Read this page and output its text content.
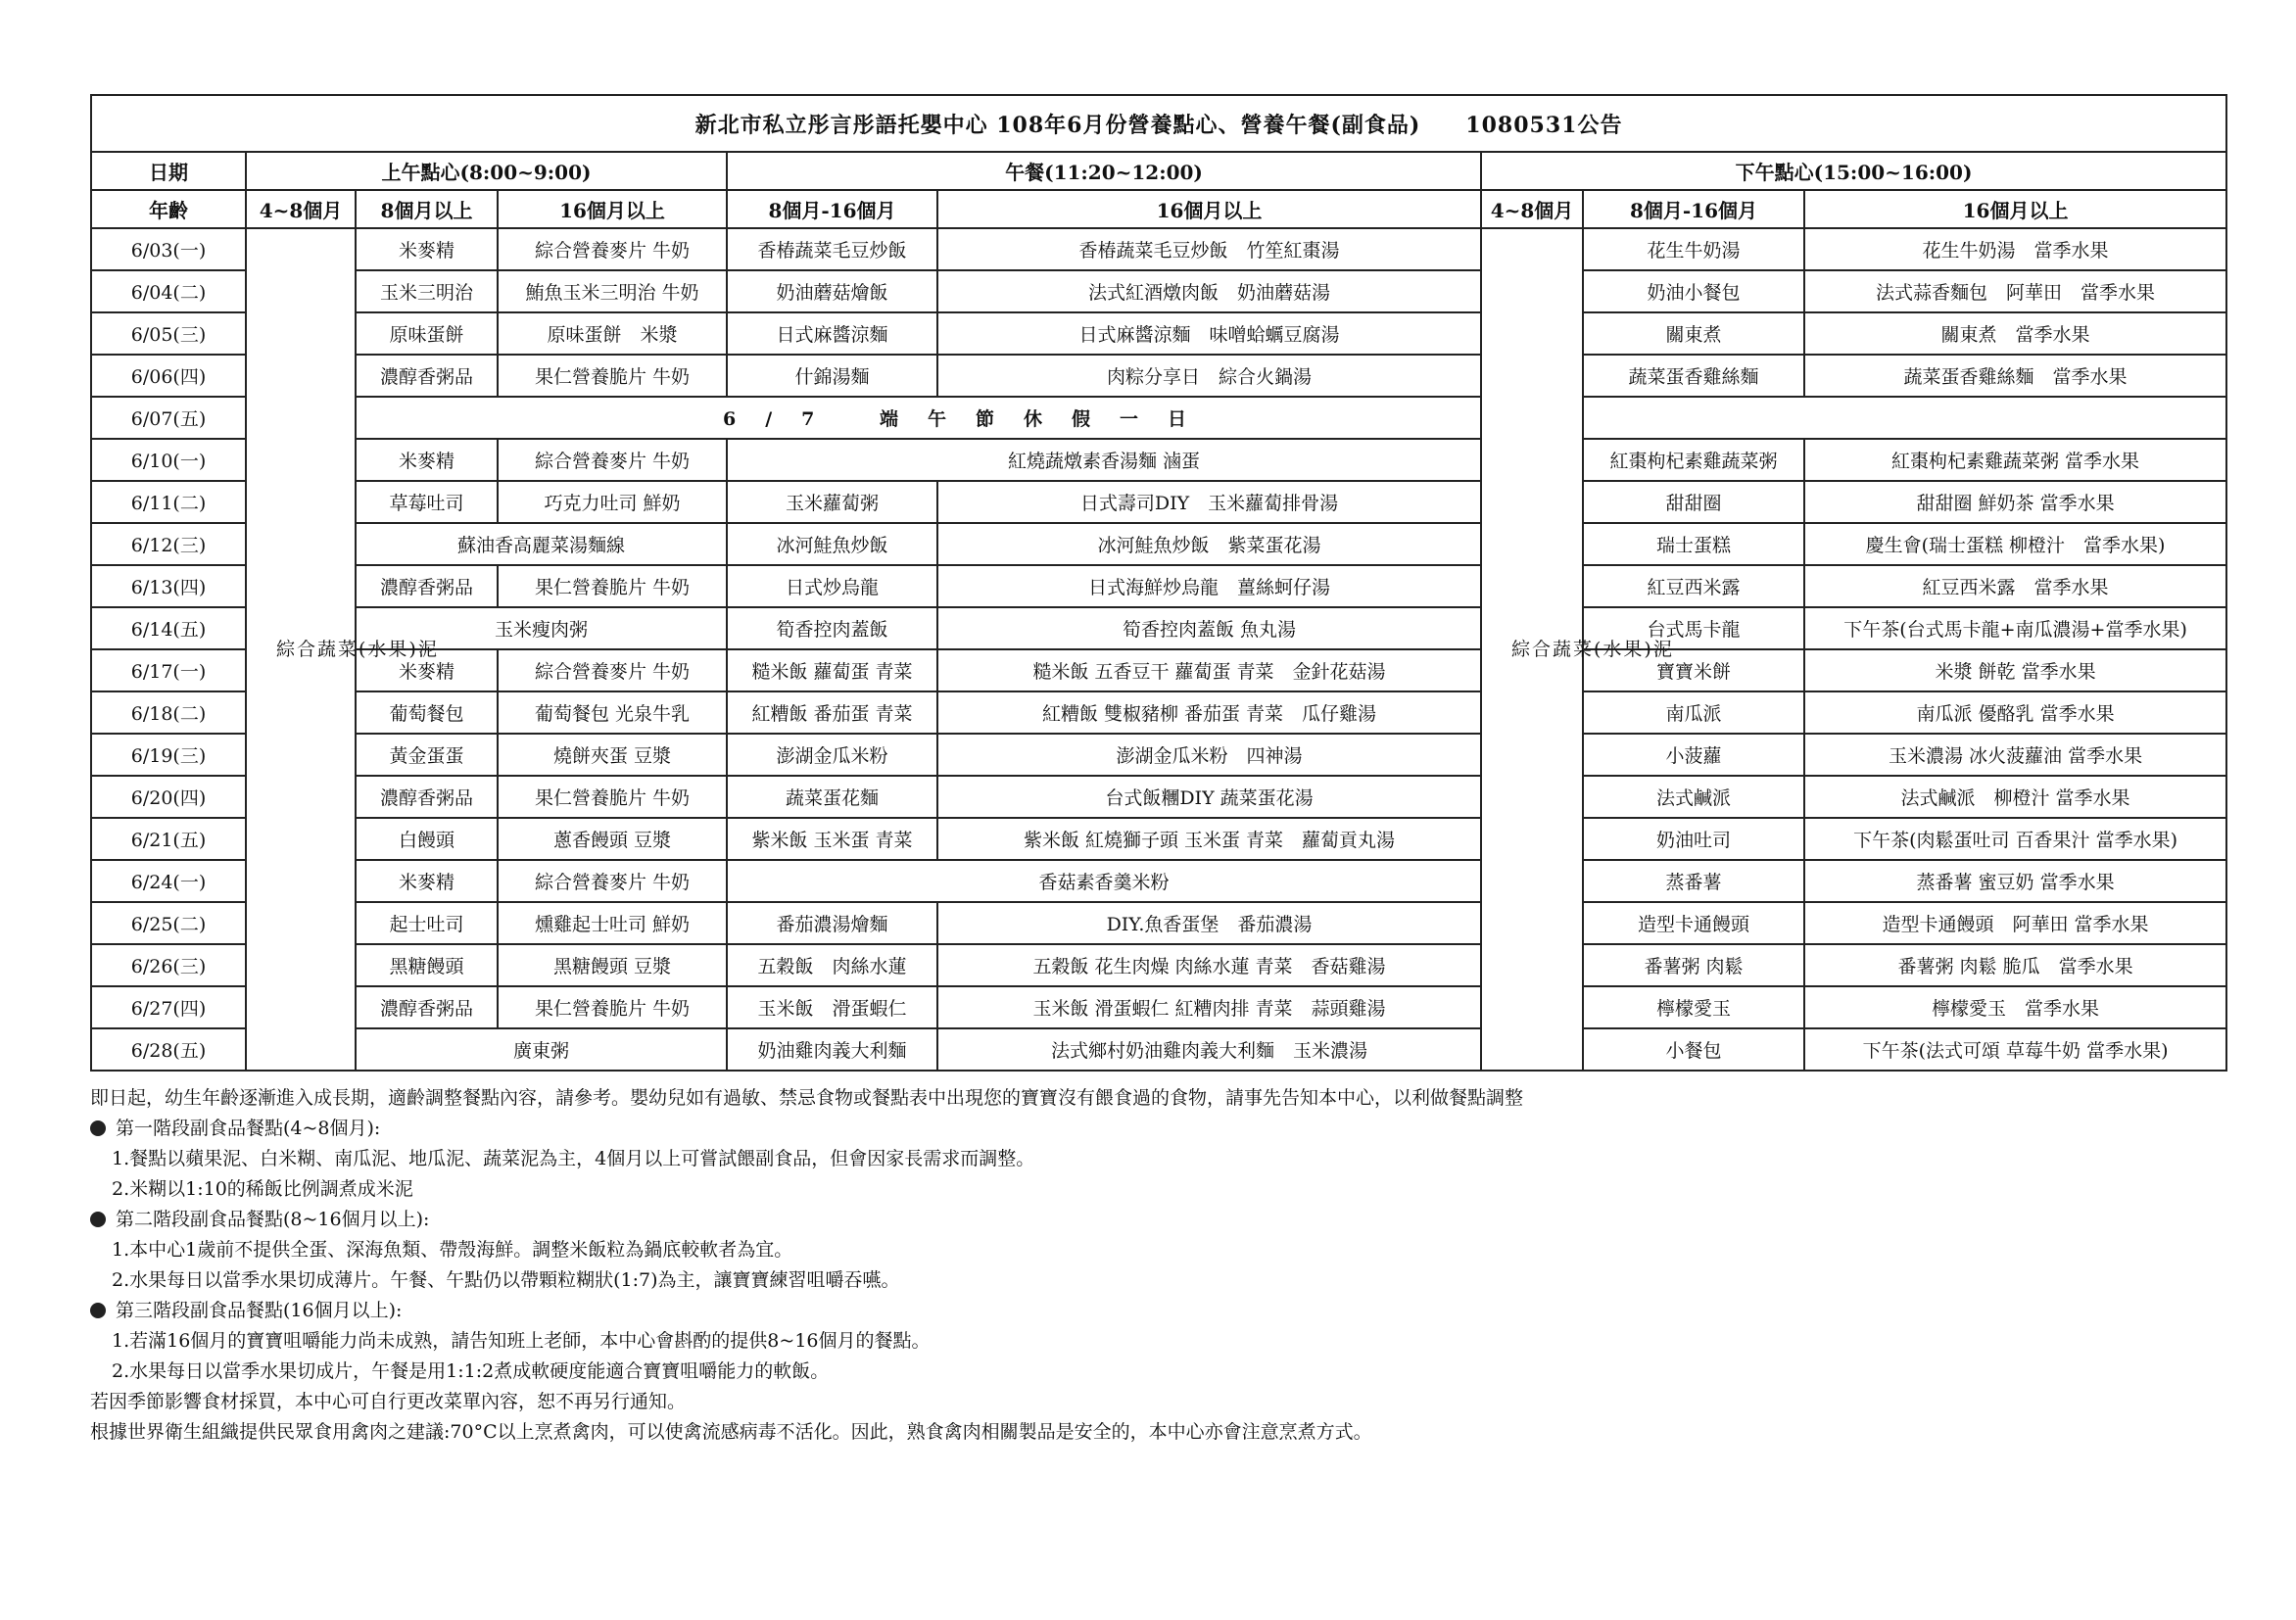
新北市私立彤言彤語托嬰中心 108年6月份營養點心、營養午餐(副食品)　　1080531公告								
日期	上午點心(8:00~9:00)			午餐(11:20~12:00)		下午點心(15:00~16:00)		
年齡	4~8個月	8個月以上	16個月以上	8個月-16個月	16個月以上	4~8個月	8個月-16個月	16個月以上
6/03(一)	綜合蔬菜(水果)泥	米麥精	綜合營養麥片 牛奶	香椿蔬菜毛豆炒飯	香椿蔬菜毛豆炒飯　竹笙紅棗湯	綜合蔬菜(水果)泥	花生牛奶湯	花生牛奶湯　當季水果
6/04(二)		玉米三明治	鮪魚玉米三明治 牛奶	奶油蘑菇燴飯	法式紅酒燉肉飯　奶油蘑菇湯		奶油小餐包	法式蒜香麵包　阿華田　當季水果
6/05(三)		原味蛋餅	原味蛋餅　米漿	日式麻醬涼麵	日式麻醬涼麵　味噌蛤蠣豆腐湯		關東煮	關東煮　當季水果
6/06(四)		濃醇香粥品	果仁營養脆片 牛奶	什錦湯麵	肉粽分享日　綜合火鍋湯		蔬菜蛋香雞絲麵	蔬菜蛋香雞絲麵　當季水果
6/07(五)		6/7 端午節休假一日						
6/10(一)		米麥精	綜合營養麥片 牛奶	紅燒蔬燉素香湯麵 滷蛋			紅棗枸杞素雞蔬菜粥	紅棗枸杞素雞蔬菜粥 當季水果
6/11(二)		草莓吐司	巧克力吐司 鮮奶	玉米蘿蔔粥	日式壽司DIY　玉米蘿蔔排骨湯		甜甜圈	甜甜圈 鮮奶茶 當季水果
6/12(三)		蘇油香高麗菜湯麵線		冰河鮭魚炒飯	冰河鮭魚炒飯　紫菜蛋花湯		瑞士蛋糕	慶生會(瑞士蛋糕 柳橙汁　當季水果)
6/13(四)		濃醇香粥品	果仁營養脆片 牛奶	日式炒烏龍	日式海鮮炒烏龍　薑絲蚵仔湯		紅豆西米露	紅豆西米露　當季水果
6/14(五)		玉米瘦肉粥		筍香控肉蓋飯	筍香控肉蓋飯 魚丸湯		台式馬卡龍	下午茶(台式馬卡龍+南瓜濃湯+當季水果)
6/17(一)		米麥精	綜合營養麥片 牛奶	糙米飯 蘿蔔蛋 青菜	糙米飯 五香豆干 蘿蔔蛋 青菜　金針花菇湯		寶寶米餅	米漿 餅乾 當季水果
6/18(二)		葡萄餐包	葡萄餐包 光泉牛乳	紅糟飯 番茄蛋 青菜	紅糟飯 雙椒豬柳 番茄蛋 青菜　瓜仔雞湯		南瓜派	南瓜派 優酪乳 當季水果
6/19(三)		黃金蛋蛋	燒餅夾蛋 豆漿	澎湖金瓜米粉	澎湖金瓜米粉　四神湯		小菠蘿	玉米濃湯 冰火菠蘿油 當季水果
6/20(四)		濃醇香粥品	果仁營養脆片 牛奶	蔬菜蛋花麵	台式飯糰DIY 蔬菜蛋花湯		法式鹹派	法式鹹派　柳橙汁 當季水果
6/21(五)		白饅頭	蔥香饅頭 豆漿	紫米飯 玉米蛋 青菜	紫米飯 紅燒獅子頭 玉米蛋 青菜　蘿蔔貢丸湯		奶油吐司	下午茶(肉鬆蛋吐司 百香果汁 當季水果)
6/24(一)		米麥精	綜合營養麥片 牛奶	香菇素香羹米粉			蒸番薯	蒸番薯 蜜豆奶 當季水果
6/25(二)		起士吐司	燻雞起士吐司 鮮奶	番茄濃湯燴麵	DIY.魚香蛋堡　番茄濃湯		造型卡通饅頭	造型卡通饅頭　阿華田 當季水果
6/26(三)		黑糖饅頭	黑糖饅頭 豆漿	五穀飯　肉絲水蓮	五穀飯 花生肉燥 肉絲水蓮 青菜　香菇雞湯		番薯粥 肉鬆	番薯粥 肉鬆 脆瓜　當季水果
6/27(四)		濃醇香粥品	果仁營養脆片 牛奶	玉米飯　滑蛋蝦仁	玉米飯 滑蛋蝦仁 紅糟肉排 青菜　蒜頭雞湯		檸檬愛玉	檸檬愛玉　當季水果
6/28(五)		廣東粥		奶油雞肉義大利麵	法式鄉村奶油雞肉義大利麵　玉米濃湯		小餐包	下午茶(法式可頌 草莓牛奶 當季水果)
即日起，幼生年齡逐漸進入成長期，適齡調整餐點內容，請參考。嬰幼兒如有過敏、禁忌食物或餐點表中出現您的寶寶沒有餵食過的食物，請事先告知本中心，以利做餐點調整
第一階段副食品餐點(4~8個月):
1.餐點以蘋果泥、白米糊、南瓜泥、地瓜泥、蔬菜泥為主，4個月以上可嘗試餵副食品，但會因家長需求而調整。
2.米糊以1:10的稀飯比例調煮成米泥
第二階段副食品餐點(8~16個月以上):
1.本中心1歲前不提供全蛋、深海魚類、帶殼海鮮。調整米飯粒為鍋底較軟者為宜。
2.水果每日以當季水果切成薄片。午餐、午點仍以帶顆粒糊狀(1:7)為主，讓寶寶練習咀嚼吞嚥。
第三階段副食品餐點(16個月以上):
1.若滿16個月的寶寶咀嚼能力尚未成熟，請告知班上老師，本中心會斟酌的提供8~16個月的餐點。
2.水果每日以當季水果切成片，午餐是用1:1:2煮成軟硬度能適合寶寶咀嚼能力的軟飯。
若因季節影響食材採買，本中心可自行更改菜單內容，恕不再另行通知。
根據世界衛生組織提供民眾食用禽肉之建議:70°C以上烹煮禽肉，可以使禽流感病毒不活化。因此，熟食禽肉相關製品是安全的，本中心亦會注意烹煮方式。
